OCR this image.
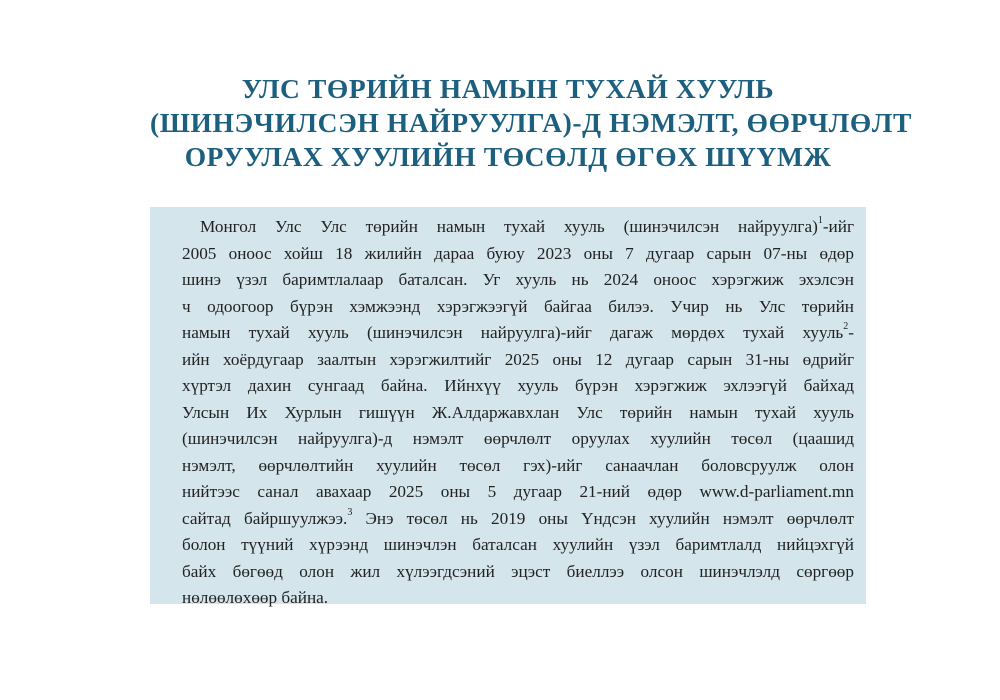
УЛС ТӨРИЙН НАМЫН ТУХАЙ ХУУЛЬ
(ШИНЭЧИЛСЭН НАЙРУУЛГА)-Д НЭМЭЛТ, ӨӨРЧЛӨЛТ
ОРУУЛАХ ХУУЛИЙН ТӨСӨЛД ӨГӨХ ШҮҮМЖ
Монгол Улс Улс төрийн намын тухай хууль (шинэчилсэн найруулга)$^1$-ийг
2005 оноос хойш 18 жилийн дараа буюу 2023 оны 7 дугаар сарын 07-ны өдөр
шинэ үзэл баримтлалаар баталсан. Уг хууль нь 2024 оноос хэрэгжиж эхэлсэн
ч одоогоор бүрэн хэмжээнд хэрэгжээгүй байгаа билээ. Учир нь Улс төрийн
намын тухай хууль (шинэчилсэн найруулга)-ийг дагаж мөрдөх тухай хууль$^2$-
ийн хоёрдугаар заалтын хэрэгжилтийг 2025 оны 12 дугаар сарын 31-ны өдрийг
хүртэл дахин сунгаад байна. Ийнхүү хууль бүрэн хэрэгжиж эхлээгүй байхад
Улсын Их Хурлын гишүүн Ж.Алдаржавхлан Улс төрийн намын тухай хууль
(шинэчилсэн найруулга)-д нэмэлт өөрчлөлт оруулах хуулийн төсөл (цаашид
нэмэлт, өөрчлөлтийн хуулийн төсөл гэх)-ийг санаачлан боловсруулж олон
нийтээс санал авахаар 2025 оны 5 дугаар 21-ний өдөр www.d-parliament.mn
сайтад байршуулжээ.$^3$ Энэ төсөл нь 2019 оны Үндсэн хуулийн нэмэлт өөрчлөлт
болон түүний хүрээнд шинэчлэн баталсан хуулийн үзэл баримтлалд нийцэхгүй
байх бөгөөд олон жил хүлээгдсэний эцэст биеллээ олсон шинэчлэлд сөргөөр
нөлөөлөхөөр байна.
